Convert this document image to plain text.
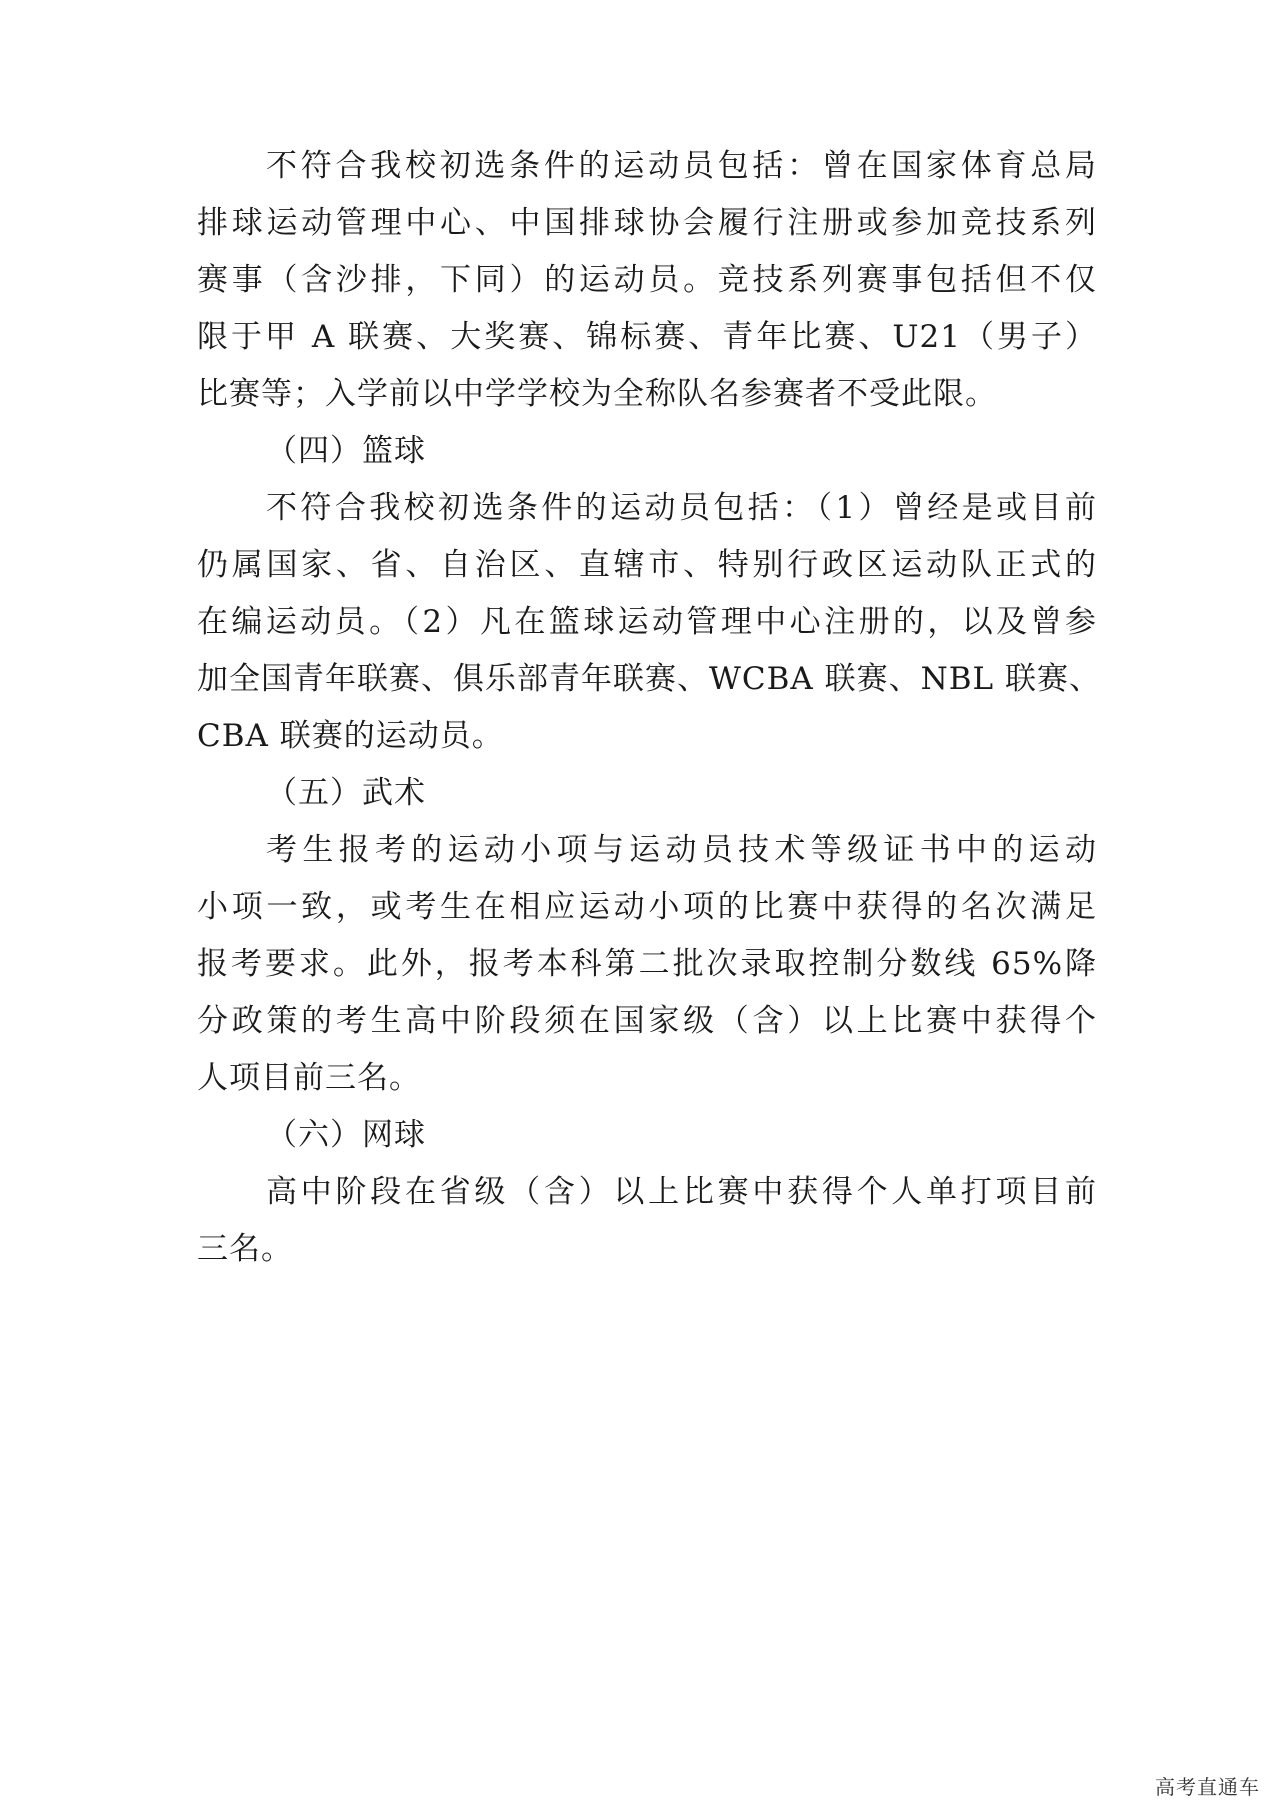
不符合我校初选条件的运动员包括：曾在国家体育总局
排球运动管理中心、中国排球协会履行注册或参加竞技系列
赛事（含沙排，下同）的运动员。竞技系列赛事包括但不仅
限于甲 A 联赛、大奖赛、锦标赛、青年比赛、U21（男子）
比赛等；入学前以中学学校为全称队名参赛者不受此限。
（四）篮球
不符合我校初选条件的运动员包括：（1）曾经是或目前
仍属国家、省、自治区、直辖市、特别行政区运动队正式的
在编运动员。（2）凡在篮球运动管理中心注册的，以及曾参
加全国青年联赛、俱乐部青年联赛、WCBA 联赛、NBL 联赛、
CBA 联赛的运动员。
（五）武术
考生报考的运动小项与运动员技术等级证书中的运动
小项一致，或考生在相应运动小项的比赛中获得的名次满足
报考要求。此外，报考本科第二批次录取控制分数线 65%降
分政策的考生高中阶段须在国家级（含）以上比赛中获得个
人项目前三名。
（六）网球
高中阶段在省级（含）以上比赛中获得个人单打项目前
三名。
高考直通车
